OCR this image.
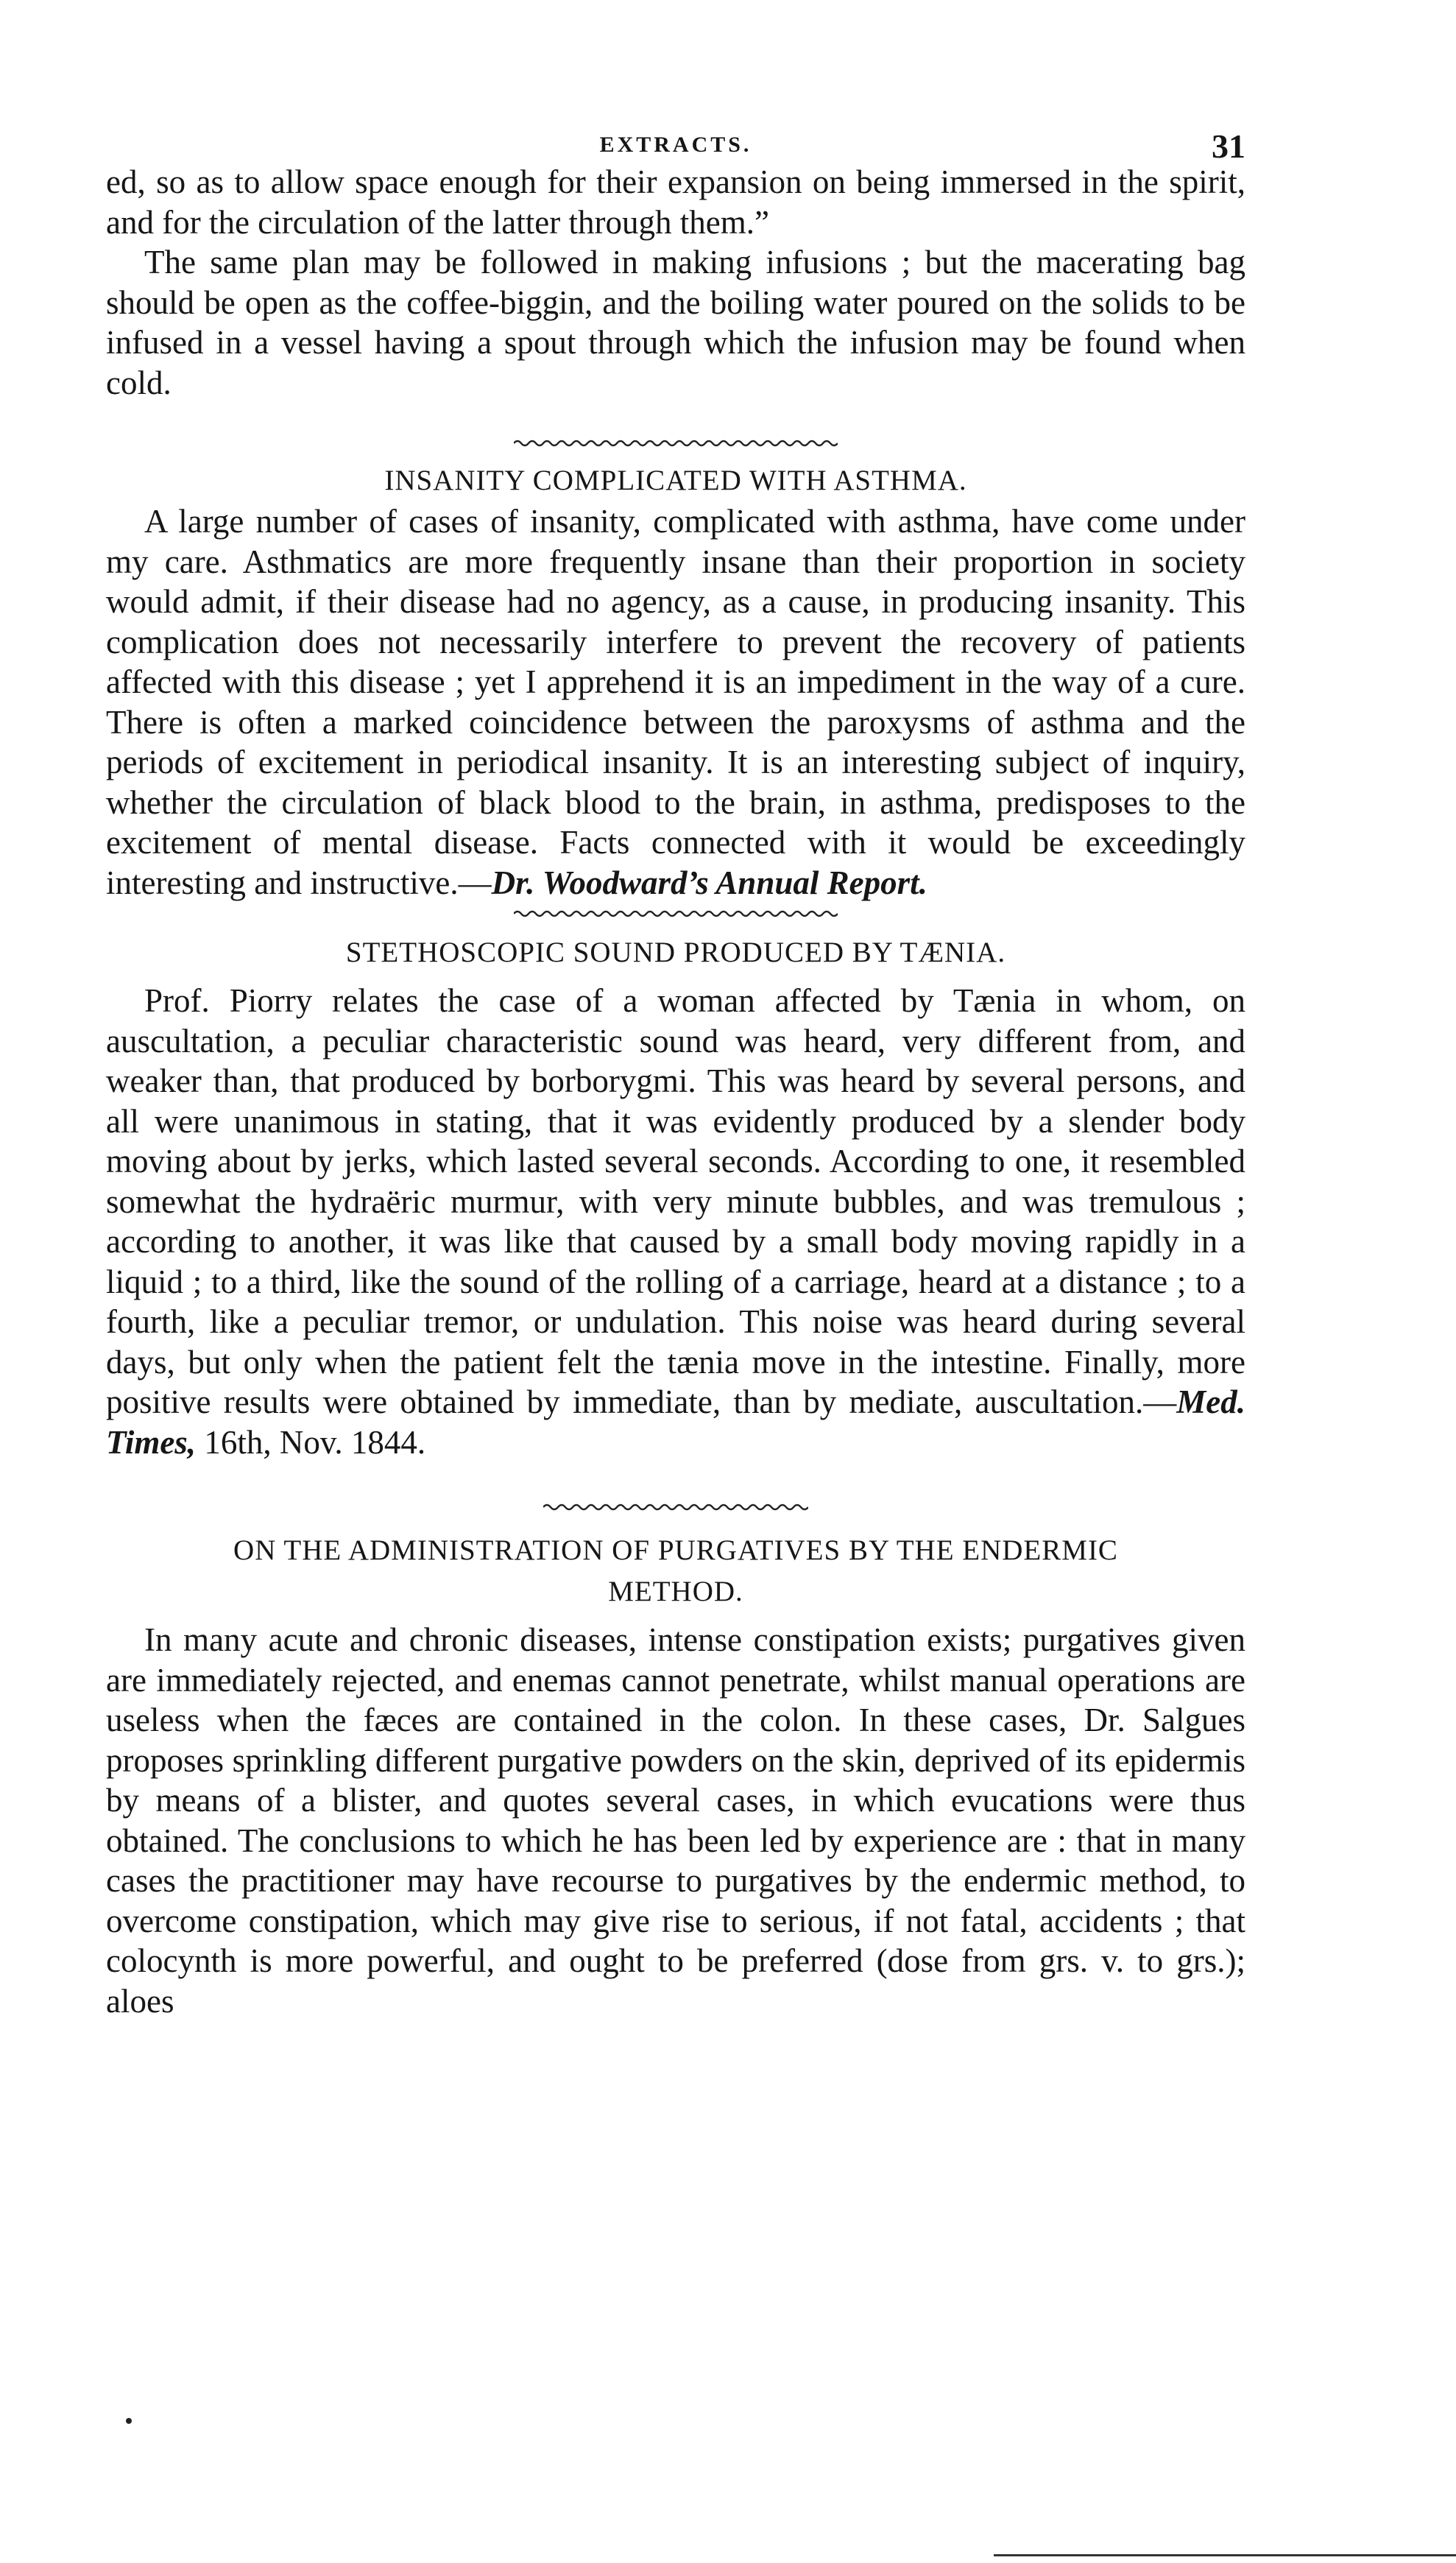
EXTRACTS.	31

ed, so as to allow space enough for their expansion on being immersed in the spirit, and for the circulation of the latter through them.”

The same plan may be followed in making infusions ; but the macerating bag should be open as the coffee-biggin, and the boiling water poured on the solids to be infused in a vessel having a spout through which the infusion may be found when cold.

INSANITY COMPLICATED WITH ASTHMA.

A large number of cases of insanity, complicated with asthma, have come under my care. Asthmatics are more frequently insane than their proportion in society would admit, if their disease had no agency, as a cause, in producing insanity. This complication does not necessarily interfere to prevent the recovery of patients affected with this disease ; yet I apprehend it is an impediment in the way of a cure. There is often a marked coincidence between the paroxysms of asthma and the periods of excitement in periodical insanity. It is an interesting subject of inquiry, whether the circulation of black blood to the brain, in asthma, predisposes to the excitement of mental disease. Facts connected with it would be exceedingly interesting and instructive.—Dr. Woodward’s Annual Report.

STETHOSCOPIC SOUND PRODUCED BY TÆNIA.

Prof. Piorry relates the case of a woman affected by Tænia in whom, on auscultation, a peculiar characteristic sound was heard, very different from, and weaker than, that produced by borborygmi. This was heard by several persons, and all were unanimous in stating, that it was evidently produced by a slender body moving about by jerks, which lasted several seconds. According to one, it resembled somewhat the hydraëric murmur, with very minute bubbles, and was tremulous ; according to another, it was like that caused by a small body moving rapidly in a liquid ; to a third, like the sound of the rolling of a carriage, heard at a distance ; to a fourth, like a peculiar tremor, or undulation. This noise was heard during several days, but only when the patient felt the tænia move in the intestine. Finally, more positive results were obtained by immediate, than by mediate, auscultation.—Med. Times, 16th, Nov. 1844.

ON THE ADMINISTRATION OF PURGATIVES BY THE ENDERMIC METHOD.

In many acute and chronic diseases, intense constipation exists; purgatives given are immediately rejected, and enemas cannot penetrate, whilst manual operations are useless when the fæces are contained in the colon. In these cases, Dr. Salgues proposes sprinkling different purgative powders on the skin, deprived of its epidermis by means of a blister, and quotes several cases, in which evucations were thus obtained. The conclusions to which he has been led by experience are : that in many cases the practitioner may have recourse to purgatives by the endermic method, to overcome constipation, which may give rise to serious, if not fatal, accidents ; that colocynth is more powerful, and ought to be preferred (dose from grs. v. to grs.); aloes
